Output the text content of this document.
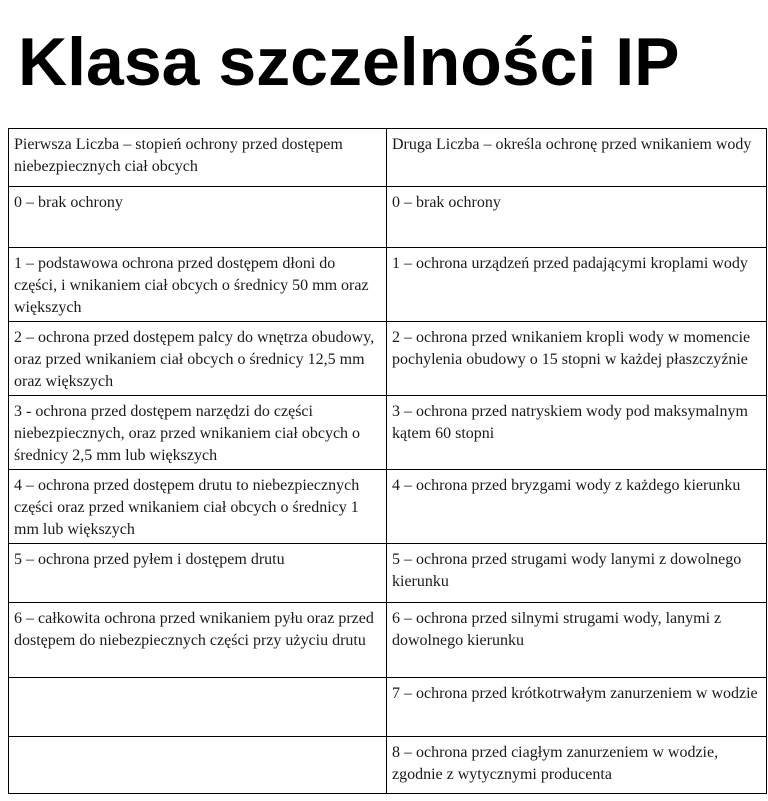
Klasa szczelności IP
Pierwsza Liczba – stopień ochrony przed dostępem niebezpiecznych ciał obcych	Druga Liczba – określa ochronę przed wnikaniem wody
0 – brak ochrony	0 – brak ochrony
1 – podstawowa ochrona przed dostępem dłoni do części, i wnikaniem ciał obcych o średnicy 50 mm oraz większych	1 – ochrona urządzeń przed padającymi kroplami wody
2 – ochrona przed dostępem palcy do wnętrza obudowy, oraz przed wnikaniem ciał obcych o średnicy 12,5 mm oraz większych	2 – ochrona przed wnikaniem kropli wody w momencie pochylenia obudowy o 15 stopni w każdej płaszczyźnie
3 - ochrona przed dostępem narzędzi do części niebezpiecznych, oraz przed wnikaniem ciał obcych o średnicy 2,5 mm lub większych	3 – ochrona przed natryskiem wody pod maksymalnym kątem 60 stopni
4 – ochrona przed dostępem drutu to niebezpiecznych części oraz przed wnikaniem ciał obcych o średnicy 1 mm lub większych	4 – ochrona przed bryzgami wody z każdego kierunku
5 – ochrona przed pyłem i dostępem drutu	5 – ochrona przed strugami wody lanymi z dowolnego kierunku
6 – całkowita ochrona przed wnikaniem pyłu oraz przed dostępem do niebezpiecznych części przy użyciu drutu	6 – ochrona przed silnymi strugami wody, lanymi z dowolnego kierunku
	7 – ochrona przed krótkotrwałym zanurzeniem w wodzie
	8 – ochrona przed ciagłym zanurzeniem w wodzie, zgodnie z wytycznymi producenta
